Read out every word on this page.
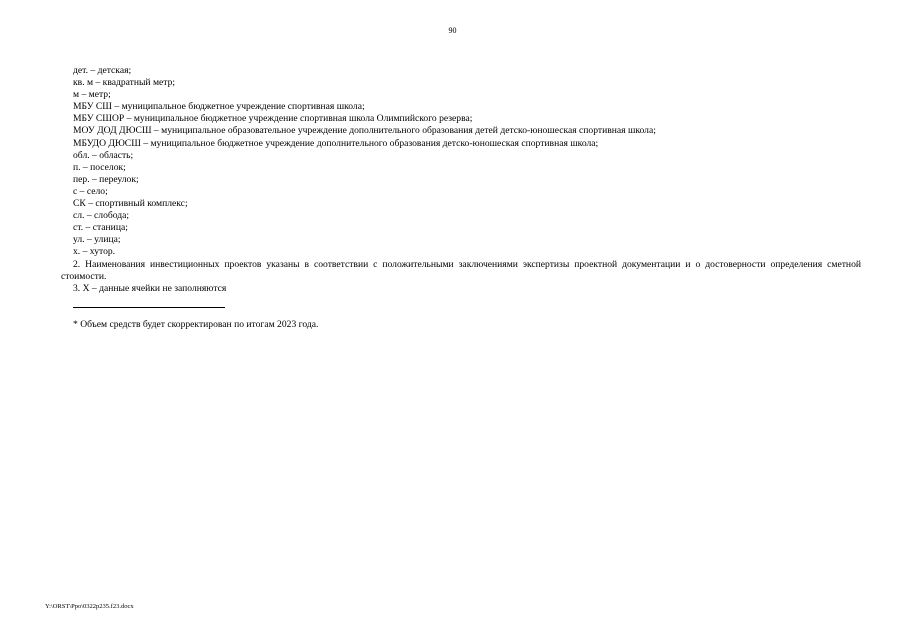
90

дет. – детская;

кв. м – квадратный метр;

м – метр;

МБУ СШ – муниципальное бюджетное учреждение спортивная школа;

МБУ СШОР – муниципальное бюджетное учреждение спортивная школа Олимпийского резерва;

МОУ ДОД ДЮСШ – муниципальное образовательное учреждение дополнительного образования детей детско-юношеская спортивная школа;

МБУДО ДЮСШ – муниципальное бюджетное учреждение дополнительного образования детско-юношеская спортивная школа;

обл. – область;

п. – поселок;

пер. – переулок;

с – село;

СК – спортивный комплекс;

сл. – слобода;

ст. – станица;

ул. – улица;

х. – хутор.

2. Наименования инвестиционных проектов указаны в соответствии с положительными заключениями экспертизы проектной документации и о достоверности определения сметной стоимости.

3. Х – данные ячейки не заполняются

* Объем средств будет скорректирован по итогам 2023 года.

Y:\ORST\Ppo\0322p235.f23.docx
